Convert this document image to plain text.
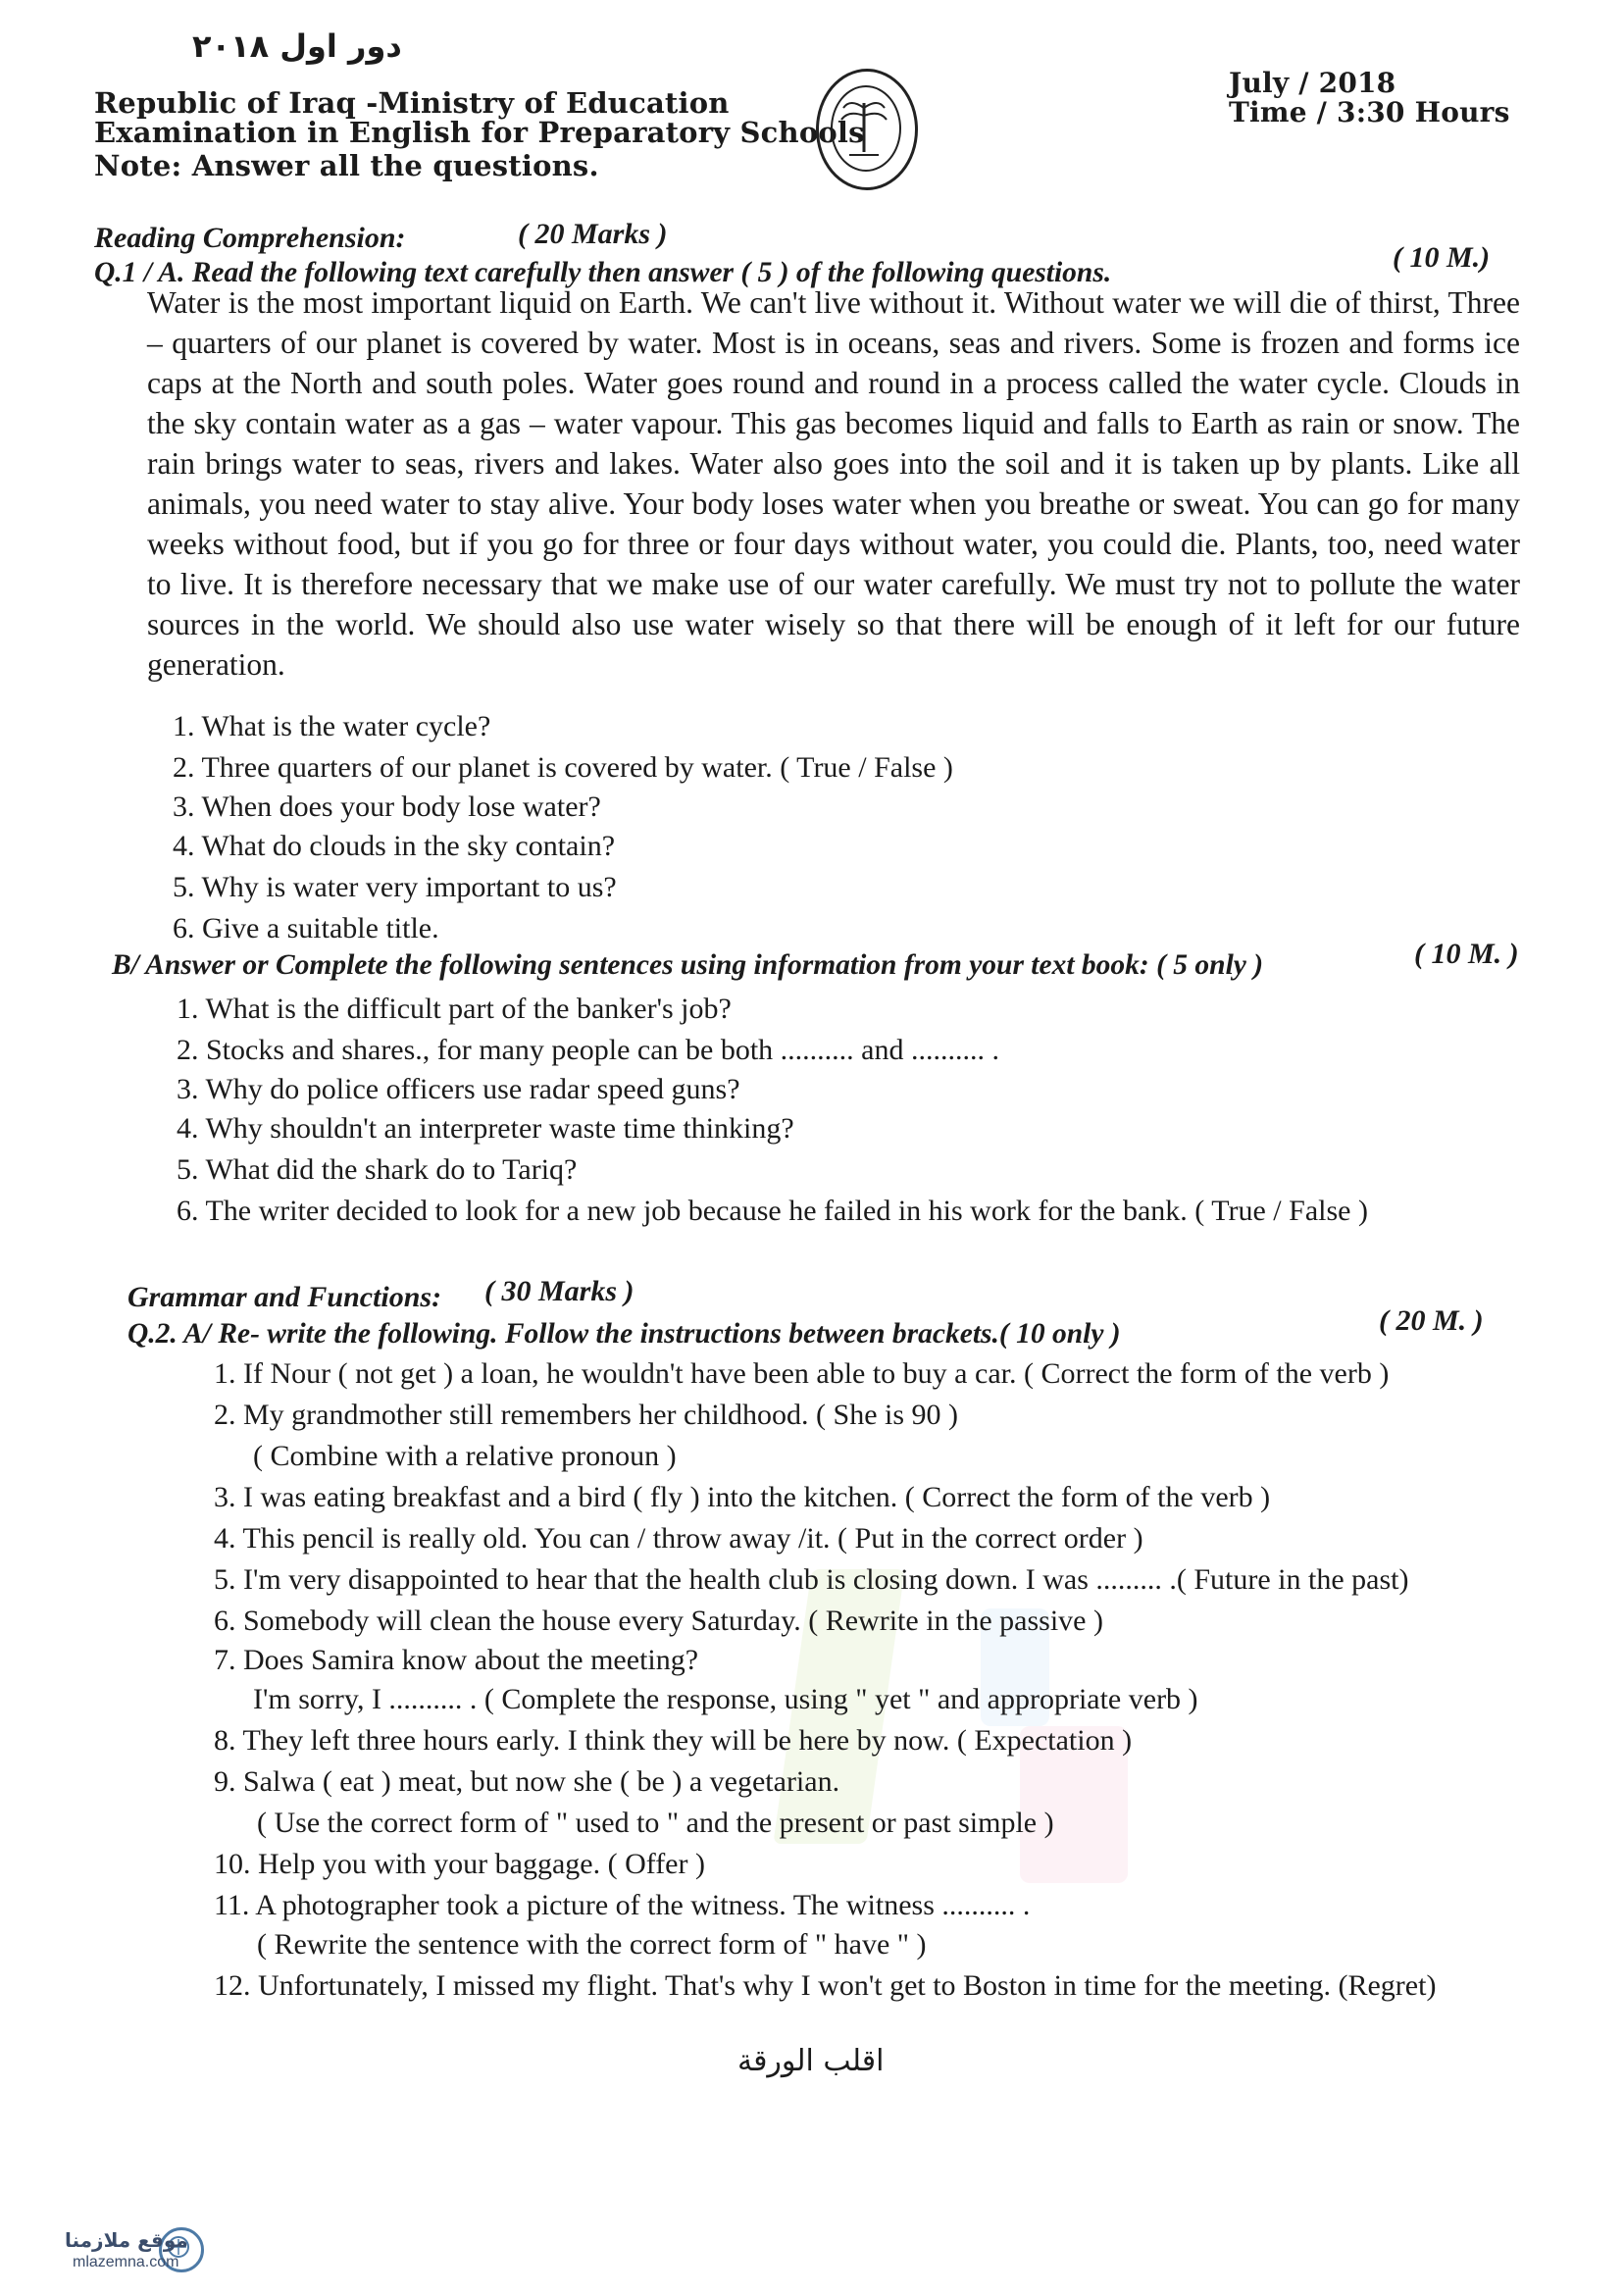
دور اول ٢٠١٨
Republic of Iraq -Ministry of Education
Examination in English for Preparatory Schools
Note: Answer all the questions.
July / 2018
Time / 3:30 Hours
Reading Comprehension:	( 20 Marks )
Q.1 / A. Read the following text carefully then answer ( 5 ) of the following questions.	( 10 M.)
Water is the most important liquid on Earth. We can't live without it. Without water we will die of thirst, Three – quarters of our planet is covered by water. Most is in oceans, seas and rivers. Some is frozen and forms ice caps at the North and south poles. Water goes round and round in a process called the water cycle. Clouds in the sky contain water as a gas – water vapour. This gas becomes liquid and falls to Earth as rain or snow. The rain brings water to seas, rivers and lakes. Water also goes into the soil and it is taken up by plants. Like all animals, you need water to stay alive. Your body loses water when you breathe or sweat. You can go for many weeks without food, but if you go for three or four days without water, you could die. Plants, too, need water to live. It is therefore necessary that we make use of our water carefully. We must try not to pollute the water sources in the world. We should also use water wisely so that there will be enough of it left for our future generation.
1. What is the water cycle?
2. Three quarters of our planet is covered by water. ( True / False )
3. When does your body lose water?
4. What do clouds in the sky contain?
5. Why is water very important to us?
6. Give a suitable title.
B/ Answer or Complete the following sentences using information from your text book: ( 5 only )	( 10 M. )
1. What is the difficult part of the banker's job?
2. Stocks and shares., for many people can be both .......... and .......... .
3. Why do police officers use radar speed guns?
4. Why shouldn't an interpreter waste time thinking?
5. What did the shark do to Tariq?
6. The writer decided to look for a new job because he failed in his work for the bank. ( True / False )
Grammar and Functions: ( 30 Marks )
Q.2. A/ Re- write the following. Follow the instructions between brackets.( 10 only )	( 20 M. )
1. If Nour ( not get ) a loan, he wouldn't have been able to buy a car. ( Correct the form of the verb )
2. My grandmother still remembers her childhood. ( She is 90 )
( Combine with a relative pronoun )
3. I was eating breakfast and a bird ( fly ) into the kitchen. ( Correct the form of the verb )
4. This pencil is really old. You can / throw away /it. ( Put in the correct order )
5. I'm very disappointed to hear that the health club is closing down. I was ......... .( Future in the past)
6. Somebody will clean the house every Saturday. ( Rewrite in the passive )
7. Does Samira know about the meeting?
I'm sorry, I .......... . ( Complete the response, using " yet " and appropriate verb )
8. They left three hours early. I think they will be here by now. ( Expectation )
9. Salwa ( eat ) meat, but now she ( be ) a vegetarian.
( Use the correct form of " used to " and the present or past simple )
10. Help you with your baggage. ( Offer )
11. A photographer took a picture of the witness. The witness .......... .
( Rewrite the sentence with the correct form of " have " )
12. Unfortunately, I missed my flight. That's why I won't get to Boston in time for the meeting. (Regret)
اقلب الورقة
موقع ملازمنا
mlazemna.com
